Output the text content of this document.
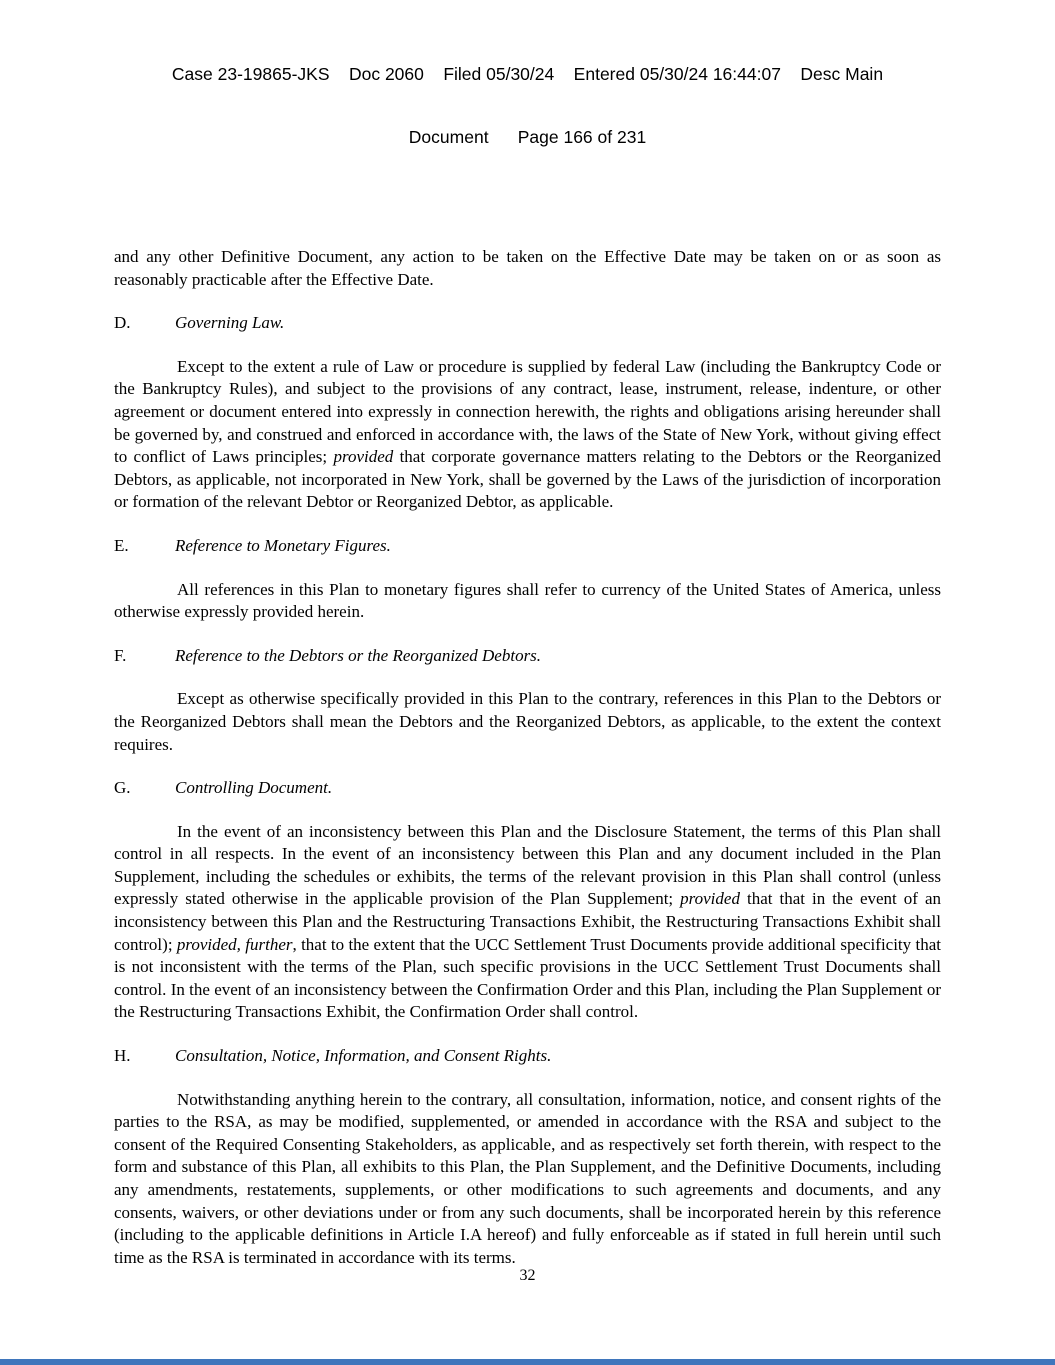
Case 23-19865-JKS    Doc 2060    Filed 05/30/24    Entered 05/30/24 16:44:07    Desc Main

Document      Page 166 of 231

and any other Definitive Document, any action to be taken on the Effective Date may be taken on or as soon as reasonably practicable after the Effective Date.

D.	Governing Law.

Except to the extent a rule of Law or procedure is supplied by federal Law (including the Bankruptcy Code or the Bankruptcy Rules), and subject to the provisions of any contract, lease, instrument, release, indenture, or other agreement or document entered into expressly in connection herewith, the rights and obligations arising hereunder shall be governed by, and construed and enforced in accordance with, the laws of the State of New York, without giving effect to conflict of Laws principles; provided that corporate governance matters relating to the Debtors or the Reorganized Debtors, as applicable, not incorporated in New York, shall be governed by the Laws of the jurisdiction of incorporation or formation of the relevant Debtor or Reorganized Debtor, as applicable.

E.	Reference to Monetary Figures.

All references in this Plan to monetary figures shall refer to currency of the United States of America, unless otherwise expressly provided herein.

F.	Reference to the Debtors or the Reorganized Debtors.

Except as otherwise specifically provided in this Plan to the contrary, references in this Plan to the Debtors or the Reorganized Debtors shall mean the Debtors and the Reorganized Debtors, as applicable, to the extent the context requires.

G.	Controlling Document.

In the event of an inconsistency between this Plan and the Disclosure Statement, the terms of this Plan shall control in all respects. In the event of an inconsistency between this Plan and any document included in the Plan Supplement, including the schedules or exhibits, the terms of the relevant provision in this Plan shall control (unless expressly stated otherwise in the applicable provision of the Plan Supplement; provided that that in the event of an inconsistency between this Plan and the Restructuring Transactions Exhibit, the Restructuring Transactions Exhibit shall control); provided, further, that to the extent that the UCC Settlement Trust Documents provide additional specificity that is not inconsistent with the terms of the Plan, such specific provisions in the UCC Settlement Trust Documents shall control. In the event of an inconsistency between the Confirmation Order and this Plan, including the Plan Supplement or the Restructuring Transactions Exhibit, the Confirmation Order shall control.

H.	Consultation, Notice, Information, and Consent Rights.

Notwithstanding anything herein to the contrary, all consultation, information, notice, and consent rights of the parties to the RSA, as may be modified, supplemented, or amended in accordance with the RSA and subject to the consent of the Required Consenting Stakeholders, as applicable, and as respectively set forth therein, with respect to the form and substance of this Plan, all exhibits to this Plan, the Plan Supplement, and the Definitive Documents, including any amendments, restatements, supplements, or other modifications to such agreements and documents, and any consents, waivers, or other deviations under or from any such documents, shall be incorporated herein by this reference (including to the applicable definitions in Article I.A hereof) and fully enforceable as if stated in full herein until such time as the RSA is terminated in accordance with its terms.

32
